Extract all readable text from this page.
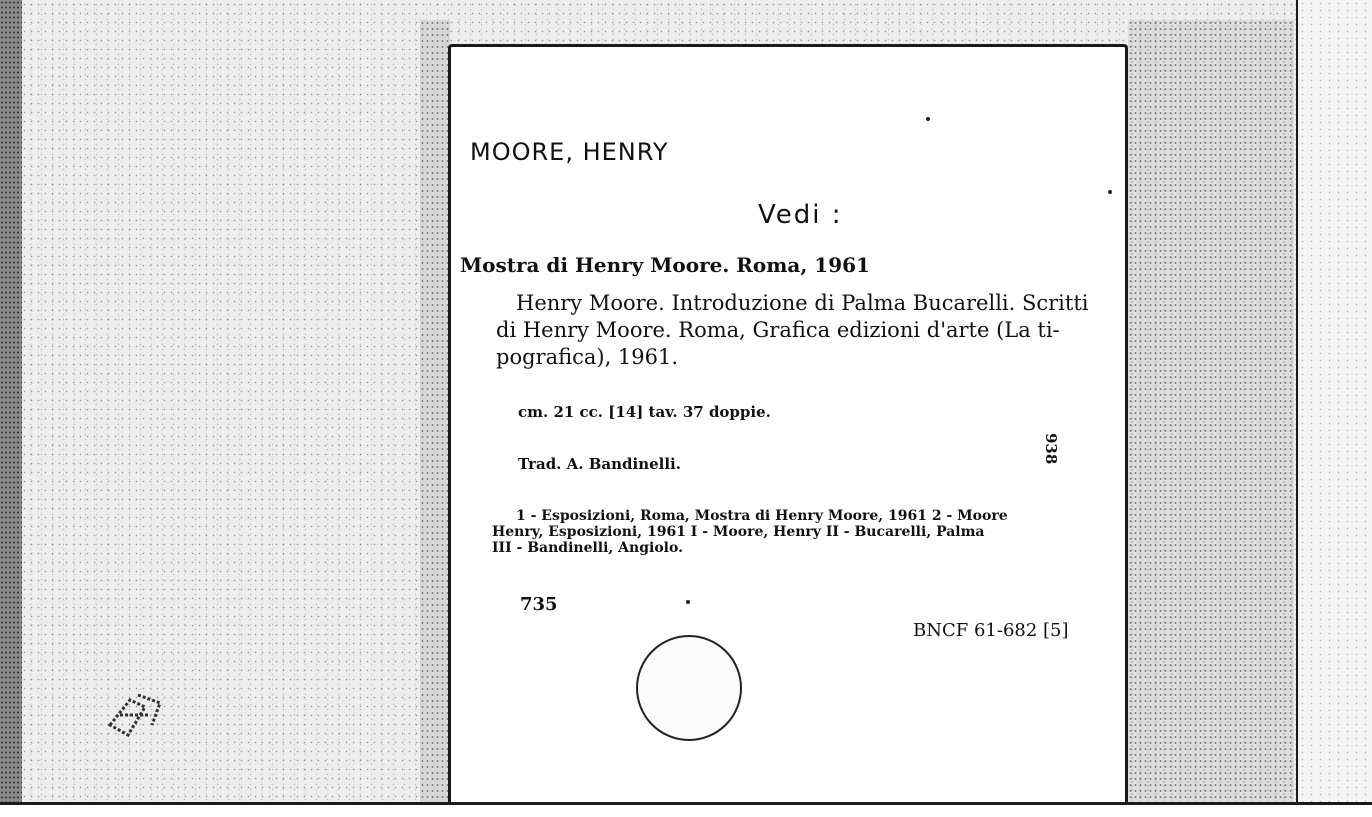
MOORE, HENRY
Vedi :
Mostra di Henry Moore. Roma, 1961
Henry Moore. Introduzione di Palma Bucarelli. Scritti
di Henry Moore. Roma, Grafica edizioni d'arte (La ti-
pografica), 1961.
cm. 21 cc. [14] tav. 37 doppie.
Trad. A. Bandinelli.	938
1 - Esposizioni, Roma, Mostra di Henry Moore, 1961 2 - Moore
Henry, Esposizioni, 1961 I - Moore, Henry II - Bucarelli, Palma
III - Bandinelli, Angiolo.
735
BNCF 61-682 [5]
